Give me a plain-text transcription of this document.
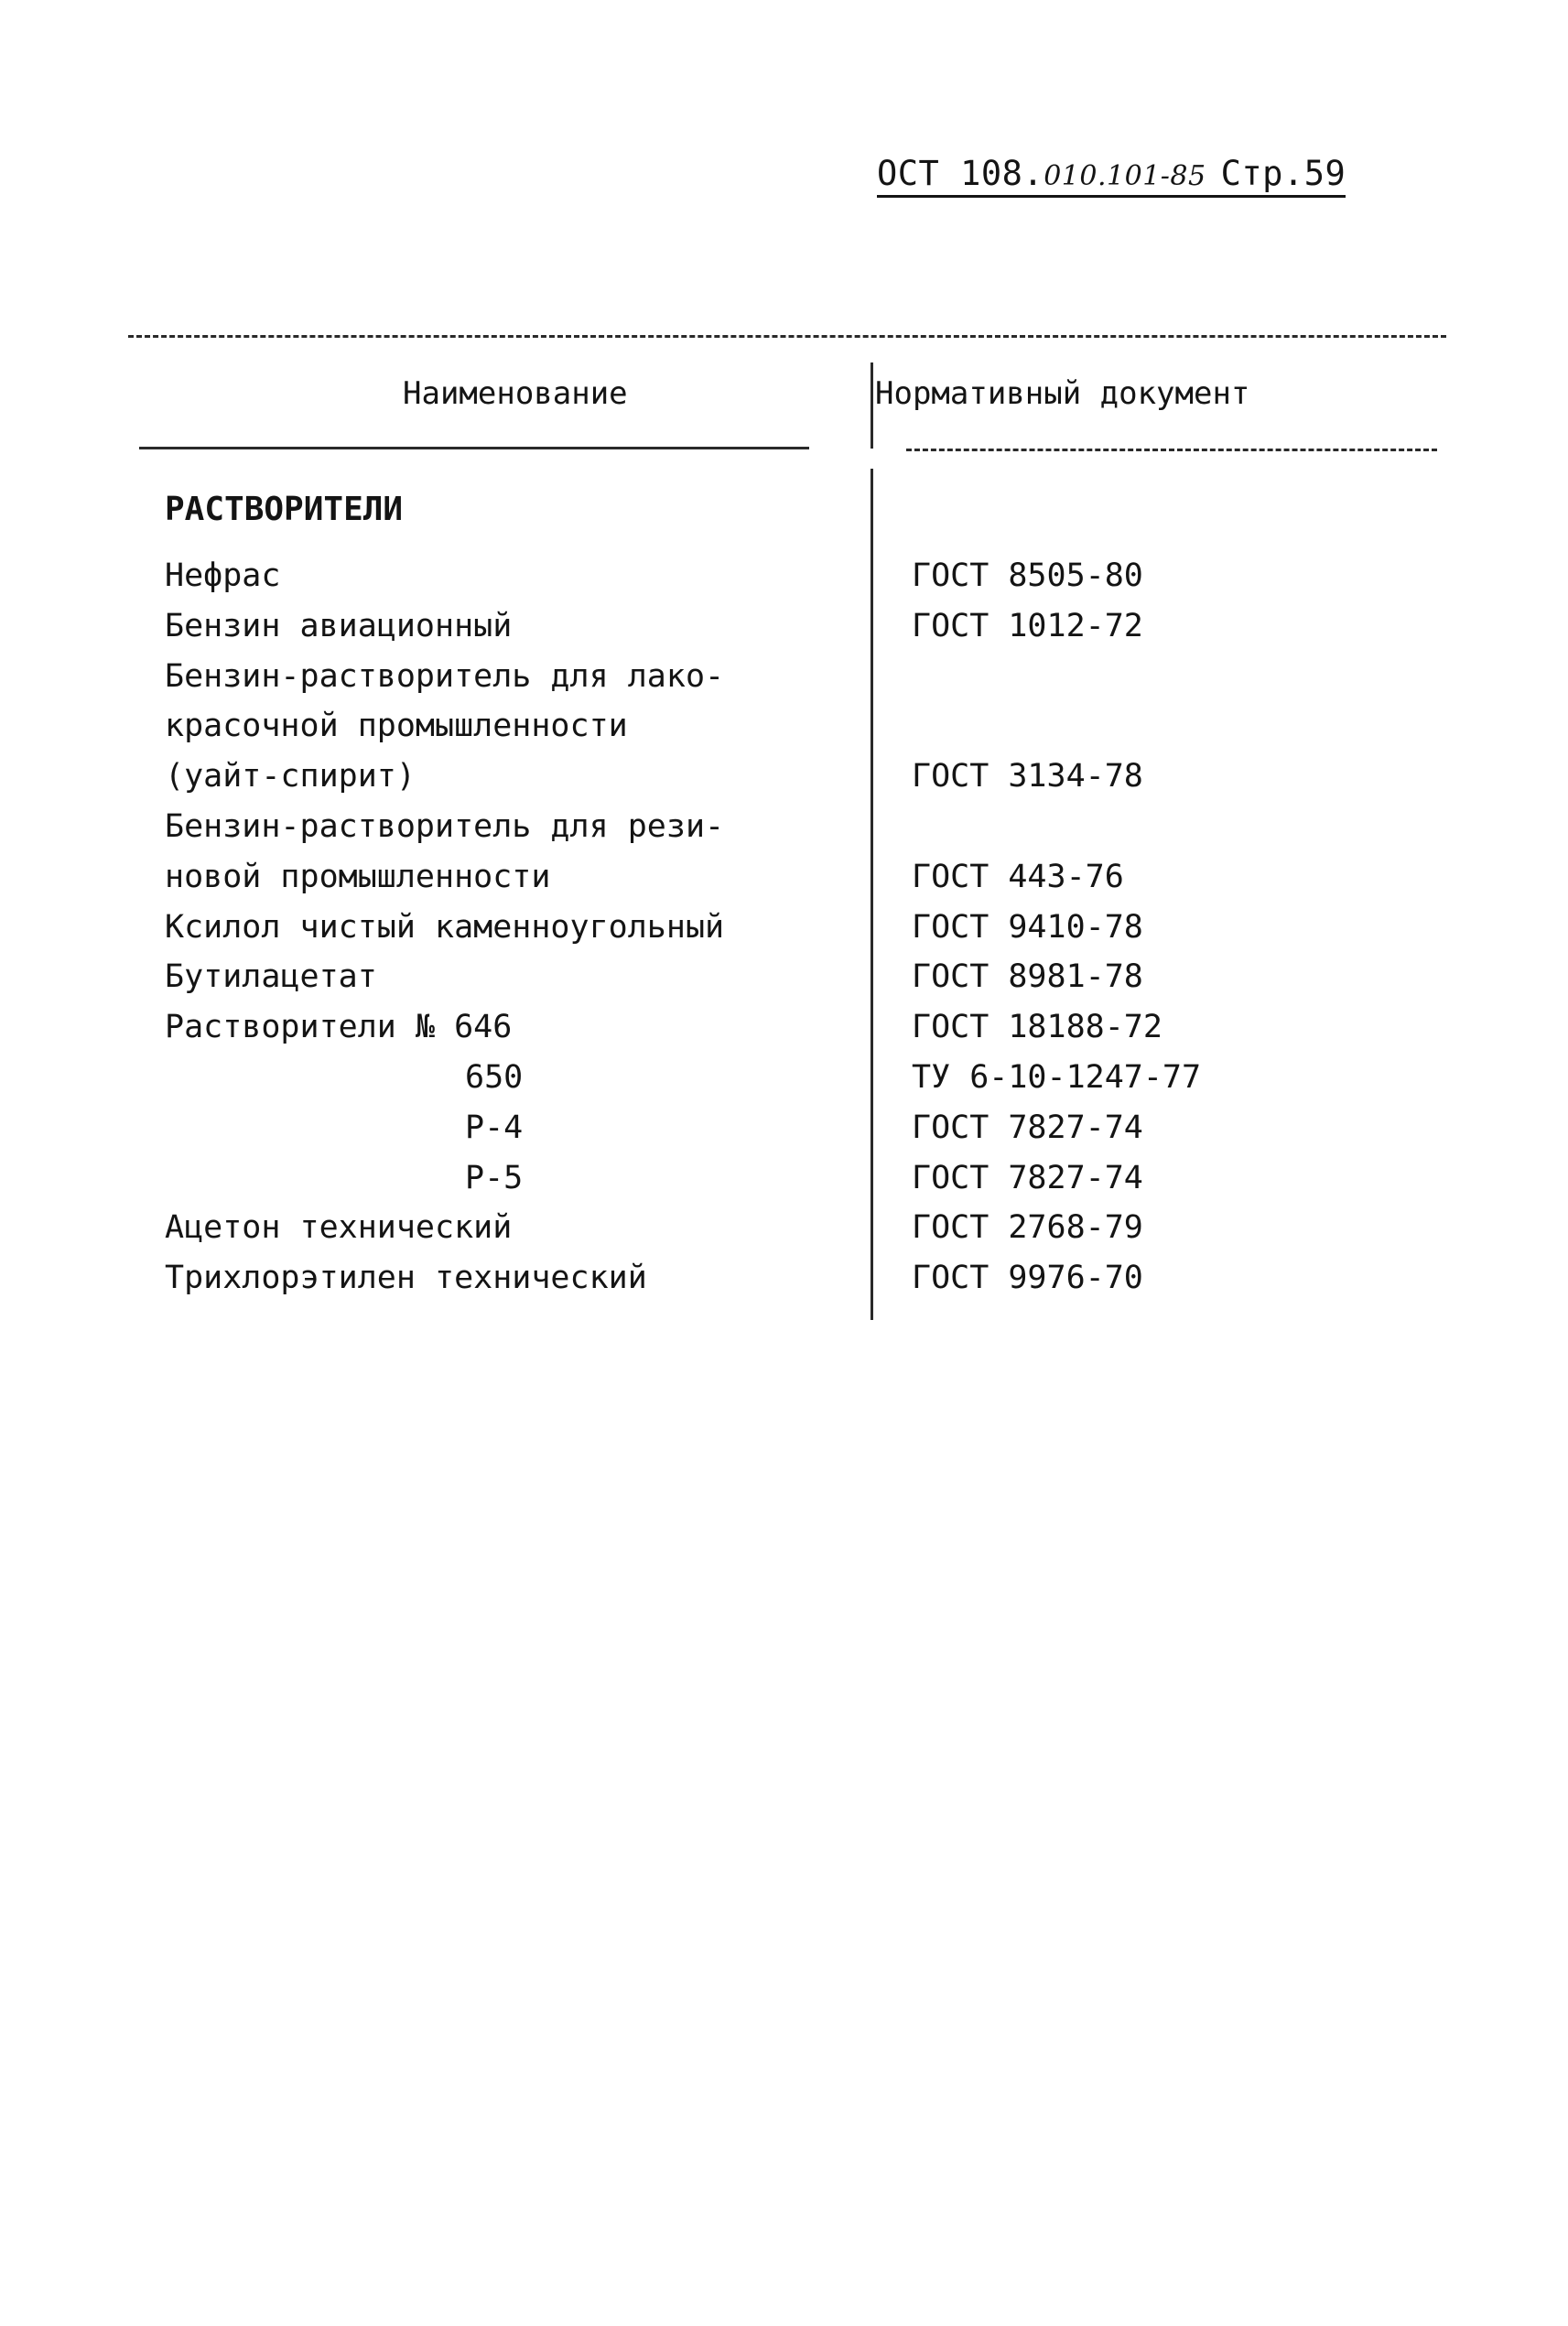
ОСТ 108.010.101-85 Стр.59
Наименование	Нормативный документ
РАСТВОРИТЕЛИ
Нефрас	ГОСТ 8505-80
Бензин авиационный	ГОСТ 1012-72
Бензин-растворитель для лако-
красочной промышленности
(уайт-спирит)	ГОСТ 3134-78
Бензин-растворитель для рези-
новой промышленности	ГОСТ 443-76
Ксилол чистый каменноугольный	ГОСТ 9410-78
Бутилацетат	ГОСТ 8981-78
Растворители № 646	ГОСТ 18188-72
650	ТУ 6-10-1247-77
Р-4	ГОСТ 7827-74
Р-5	ГОСТ 7827-74
Ацетон технический	ГОСТ 2768-79
Трихлорэтилен технический	ГОСТ 9976-70
